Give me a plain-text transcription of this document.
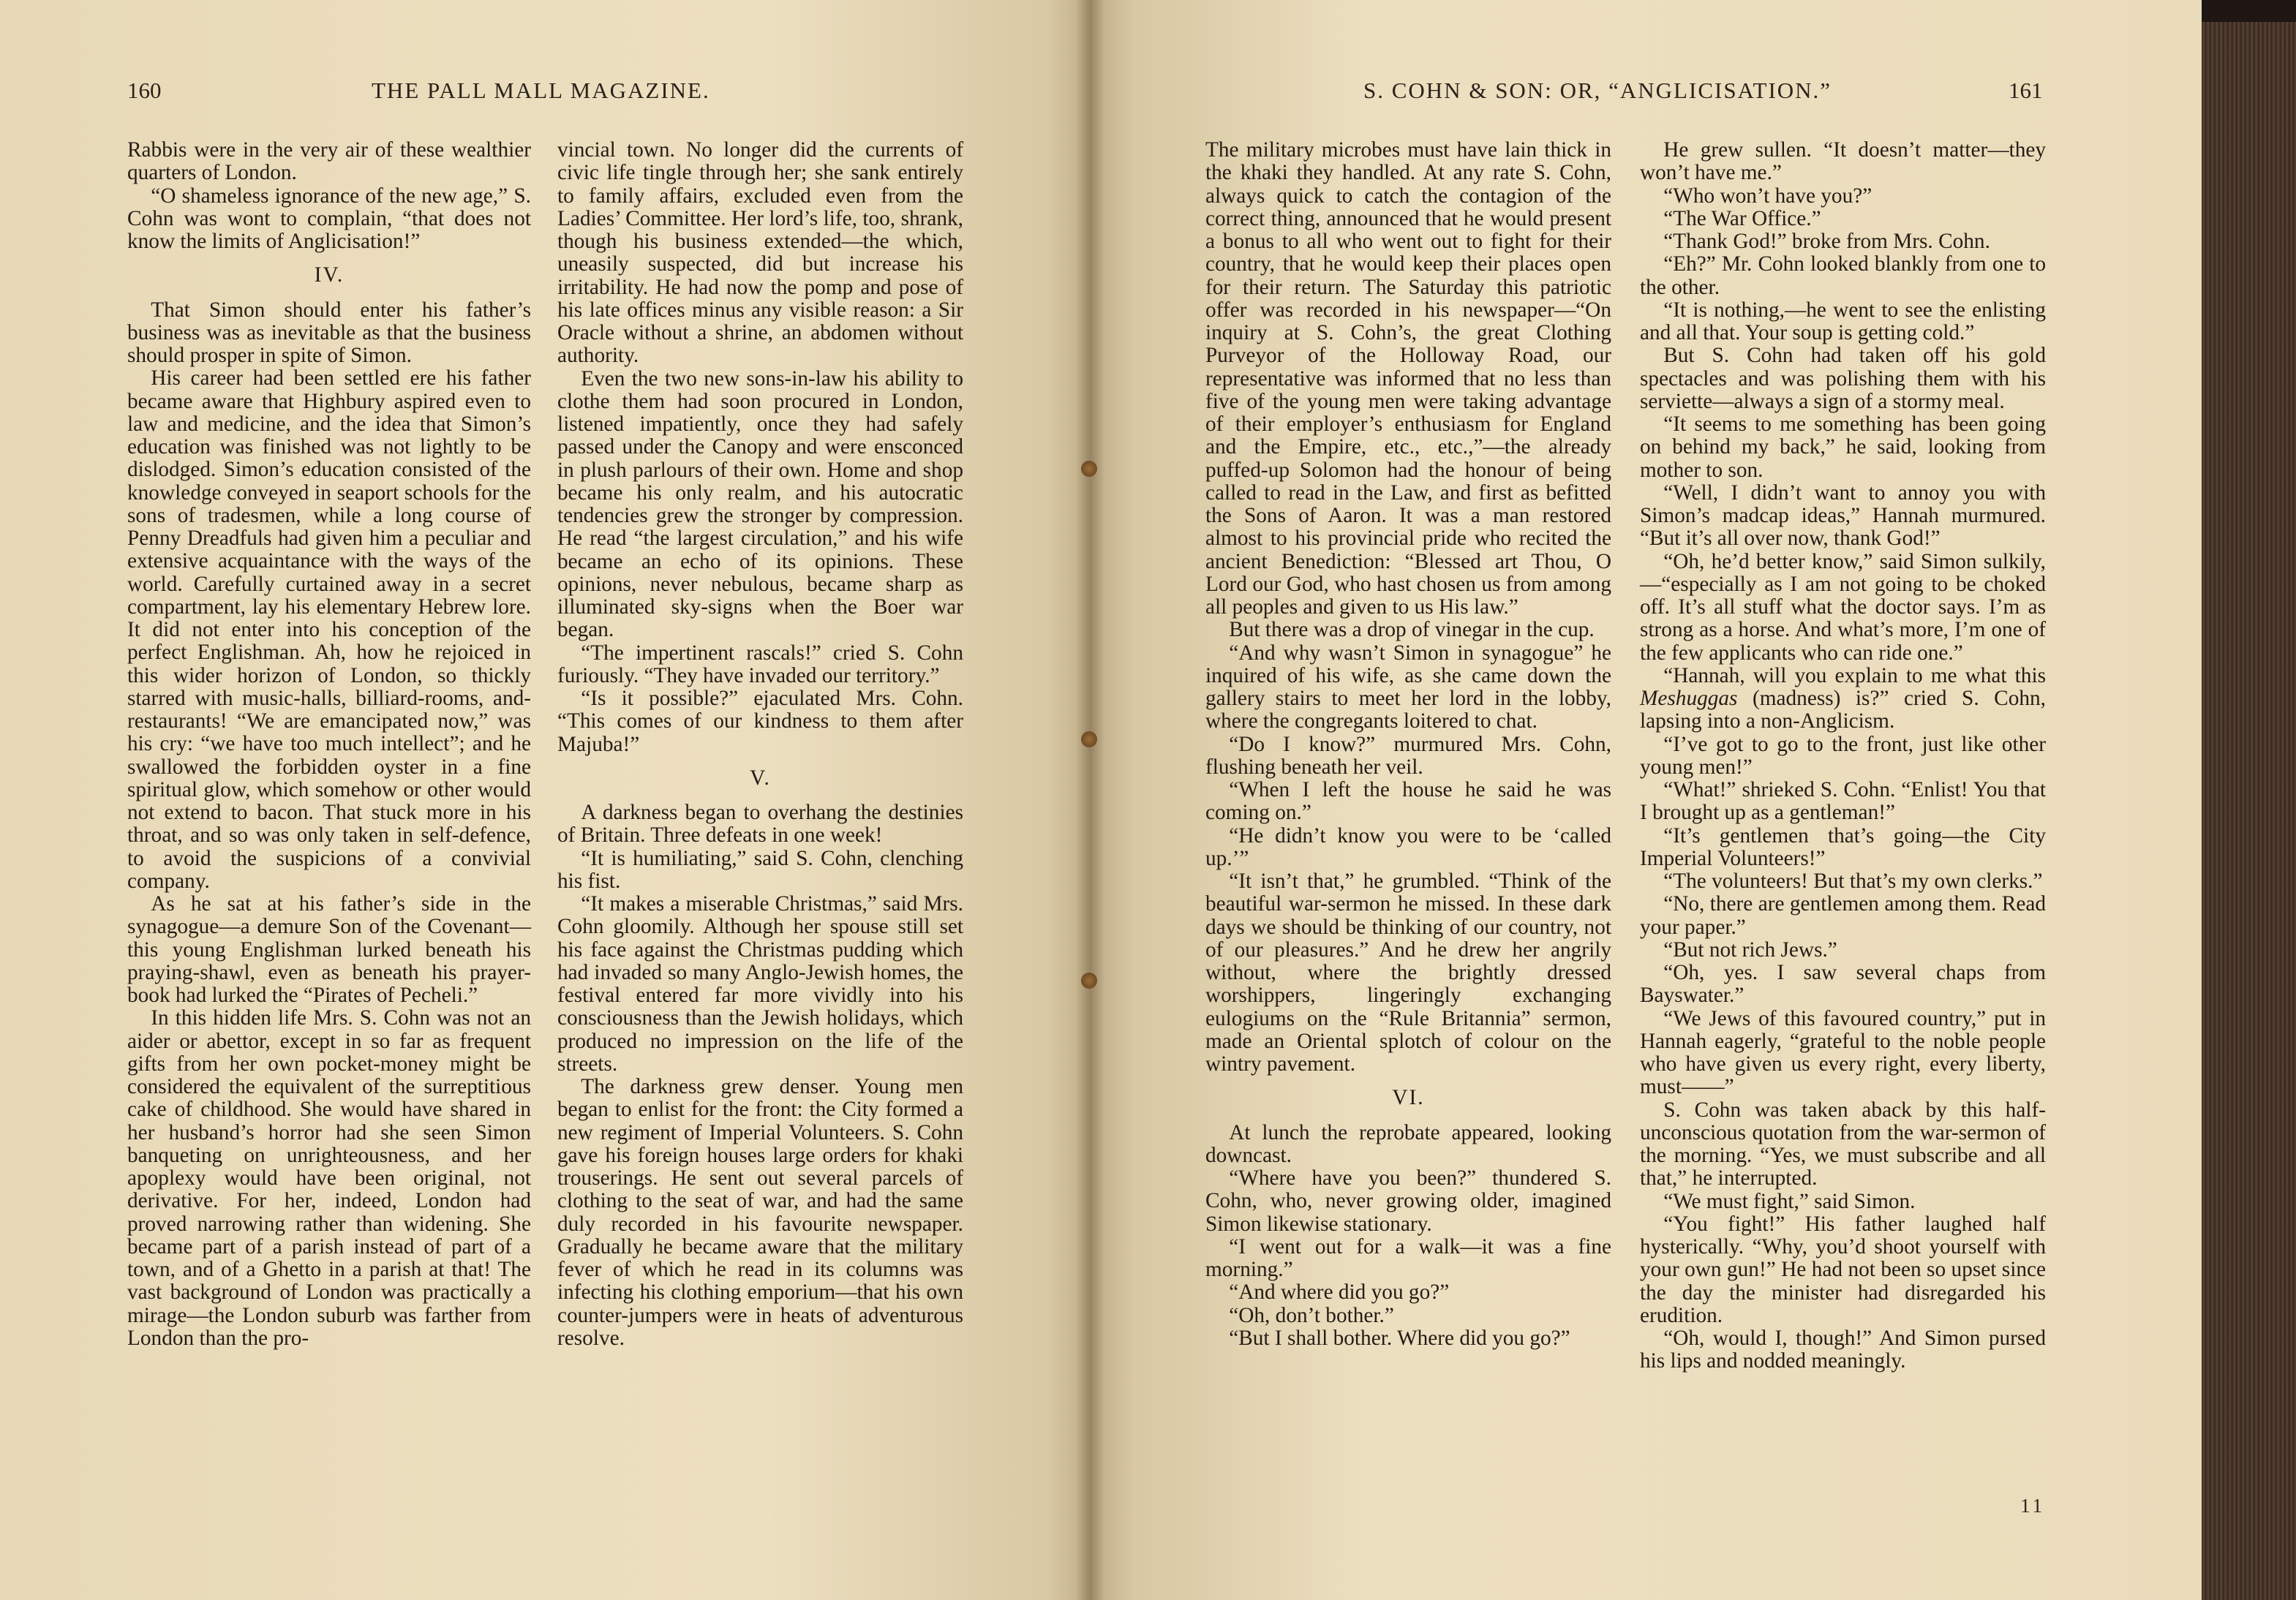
160	THE PALL MALL MAGAZINE.

Rabbis were in the very air of these wealthier quarters of London.

“O shameless ignorance of the new age,” S. Cohn was wont to complain, “that does not know the limits of Anglicisation!”

IV.

That Simon should enter his father’s business was as inevitable as that the business should prosper in spite of Simon.

His career had been settled ere his father became aware that Highbury aspired even to law and medicine, and the idea that Simon’s education was finished was not lightly to be dislodged. Simon’s education consisted of the knowledge conveyed in seaport schools for the sons of tradesmen, while a long course of Penny Dreadfuls had given him a peculiar and extensive acquaintance with the ways of the world. Carefully curtained away in a secret compartment, lay his elementary Hebrew lore. It did not enter into his conception of the perfect Englishman. Ah, how he rejoiced in this wider horizon of London, so thickly starred with music-halls, billiard-rooms, and-restaurants! “We are emancipated now,” was his cry: “we have too much intellect”; and he swallowed the forbidden oyster in a fine spiritual glow, which somehow or other would not extend to bacon. That stuck more in his throat, and so was only taken in self-defence, to avoid the suspicions of a convivial company.

As he sat at his father’s side in the synagogue—a demure Son of the Covenant—this young Englishman lurked beneath his praying-shawl, even as beneath his prayer-book had lurked the “Pirates of Pecheli.”

In this hidden life Mrs. S. Cohn was not an aider or abettor, except in so far as frequent gifts from her own pocket-money might be considered the equivalent of the surreptitious cake of childhood. She would have shared in her husband’s horror had she seen Simon banqueting on unrighteousness, and her apoplexy would have been original, not derivative. For her, indeed, London had proved narrowing rather than widening. She became part of a parish instead of part of a town, and of a Ghetto in a parish at that! The vast background of London was practically a mirage—the London suburb was farther from London than the pro-

vincial town. No longer did the currents of civic life tingle through her; she sank entirely to family affairs, excluded even from the Ladies’ Committee. Her lord’s life, too, shrank, though his business extended—the which, uneasily suspected, did but increase his irritability. He had now the pomp and pose of his late offices minus any visible reason: a Sir Oracle without a shrine, an abdomen without authority.

Even the two new sons-in-law his ability to clothe them had soon procured in London, listened impatiently, once they had safely passed under the Canopy and were ensconced in plush parlours of their own. Home and shop became his only realm, and his autocratic tendencies grew the stronger by compression. He read “the largest circulation,” and his wife became an echo of its opinions. These opinions, never nebulous, became sharp as illuminated sky-signs when the Boer war began.

“The impertinent rascals!” cried S. Cohn furiously. “They have invaded our territory.”

“Is it possible?” ejaculated Mrs. Cohn. “This comes of our kindness to them after Majuba!”

V.

A darkness began to overhang the destinies of Britain. Three defeats in one week!

“It is humiliating,” said S. Cohn, clenching his fist.

“It makes a miserable Christmas,” said Mrs. Cohn gloomily. Although her spouse still set his face against the Christmas pudding which had invaded so many Anglo-Jewish homes, the festival entered far more vividly into his consciousness than the Jewish holidays, which produced no impression on the life of the streets.

The darkness grew denser. Young men began to enlist for the front: the City formed a new regiment of Imperial Volunteers. S. Cohn gave his foreign houses large orders for khaki trouserings. He sent out several parcels of clothing to the seat of war, and had the same duly recorded in his favourite newspaper. Gradually he became aware that the military fever of which he read in its columns was infecting his clothing emporium—that his own counter-jumpers were in heats of adventurous resolve.

S. COHN & SON: OR, “ANGLICISATION.”	161

The military microbes must have lain thick in the khaki they handled. At any rate S. Cohn, always quick to catch the contagion of the correct thing, announced that he would present a bonus to all who went out to fight for their country, that he would keep their places open for their return. The Saturday this patriotic offer was recorded in his newspaper—“On inquiry at S. Cohn’s, the great Clothing Purveyor of the Holloway Road, our representative was informed that no less than five of the young men were taking advantage of their employer’s enthusiasm for England and the Empire, etc., etc.,”—the already puffed-up Solomon had the honour of being called to read in the Law, and first as befitted the Sons of Aaron. It was a man restored almost to his provincial pride who recited the ancient Benediction: “Blessed art Thou, O Lord our God, who hast chosen us from among all peoples and given to us His law.”

But there was a drop of vinegar in the cup.

“And why wasn’t Simon in synagogue” he inquired of his wife, as she came down the gallery stairs to meet her lord in the lobby, where the congregants loitered to chat.

“Do I know?” murmured Mrs. Cohn, flushing beneath her veil.

“When I left the house he said he was coming on.”

“He didn’t know you were to be ‘called up.’”

“It isn’t that,” he grumbled. “Think of the beautiful war-sermon he missed. In these dark days we should be thinking of our country, not of our pleasures.” And he drew her angrily without, where the brightly dressed worshippers, lingeringly exchanging eulogiums on the “Rule Britannia” sermon, made an Oriental splotch of colour on the wintry pavement.

VI.

At lunch the reprobate appeared, looking downcast.

“Where have you been?” thundered S. Cohn, who, never growing older, imagined Simon likewise stationary.

“I went out for a walk—it was a fine morning.”

“And where did you go?”

“Oh, don’t bother.”

“But I shall bother. Where did you go?”

He grew sullen. “It doesn’t matter—they won’t have me.”

“Who won’t have you?”

“The War Office.”

“Thank God!” broke from Mrs. Cohn.

“Eh?” Mr. Cohn looked blankly from one to the other.

“It is nothing,—he went to see the enlisting and all that. Your soup is getting cold.”

But S. Cohn had taken off his gold spectacles and was polishing them with his serviette—always a sign of a stormy meal.

“It seems to me something has been going on behind my back,” he said, looking from mother to son.

“Well, I didn’t want to annoy you with Simon’s madcap ideas,” Hannah murmured. “But it’s all over now, thank God!”

“Oh, he’d better know,” said Simon sulkily,—“especially as I am not going to be choked off. It’s all stuff what the doctor says. I’m as strong as a horse. And what’s more, I’m one of the few applicants who can ride one.”

“Hannah, will you explain to me what this Meshuggas (madness) is?” cried S. Cohn, lapsing into a non-Anglicism.

“I’ve got to go to the front, just like other young men!”

“What!” shrieked S. Cohn. “Enlist! You that I brought up as a gentleman!”

“It’s gentlemen that’s going—the City Imperial Volunteers!”

“The volunteers! But that’s my own clerks.”

“No, there are gentlemen among them. Read your paper.”

“But not rich Jews.”

“Oh, yes. I saw several chaps from Bayswater.”

“We Jews of this favoured country,” put in Hannah eagerly, “grateful to the noble people who have given us every right, every liberty, must——”

S. Cohn was taken aback by this half-unconscious quotation from the war-sermon of the morning. “Yes, we must subscribe and all that,” he interrupted.

“We must fight,” said Simon.

“You fight!” His father laughed half hysterically. “Why, you’d shoot yourself with your own gun!” He had not been so upset since the day the minister had disregarded his erudition.

“Oh, would I, though!” And Simon pursed his lips and nodded meaningly.

11
